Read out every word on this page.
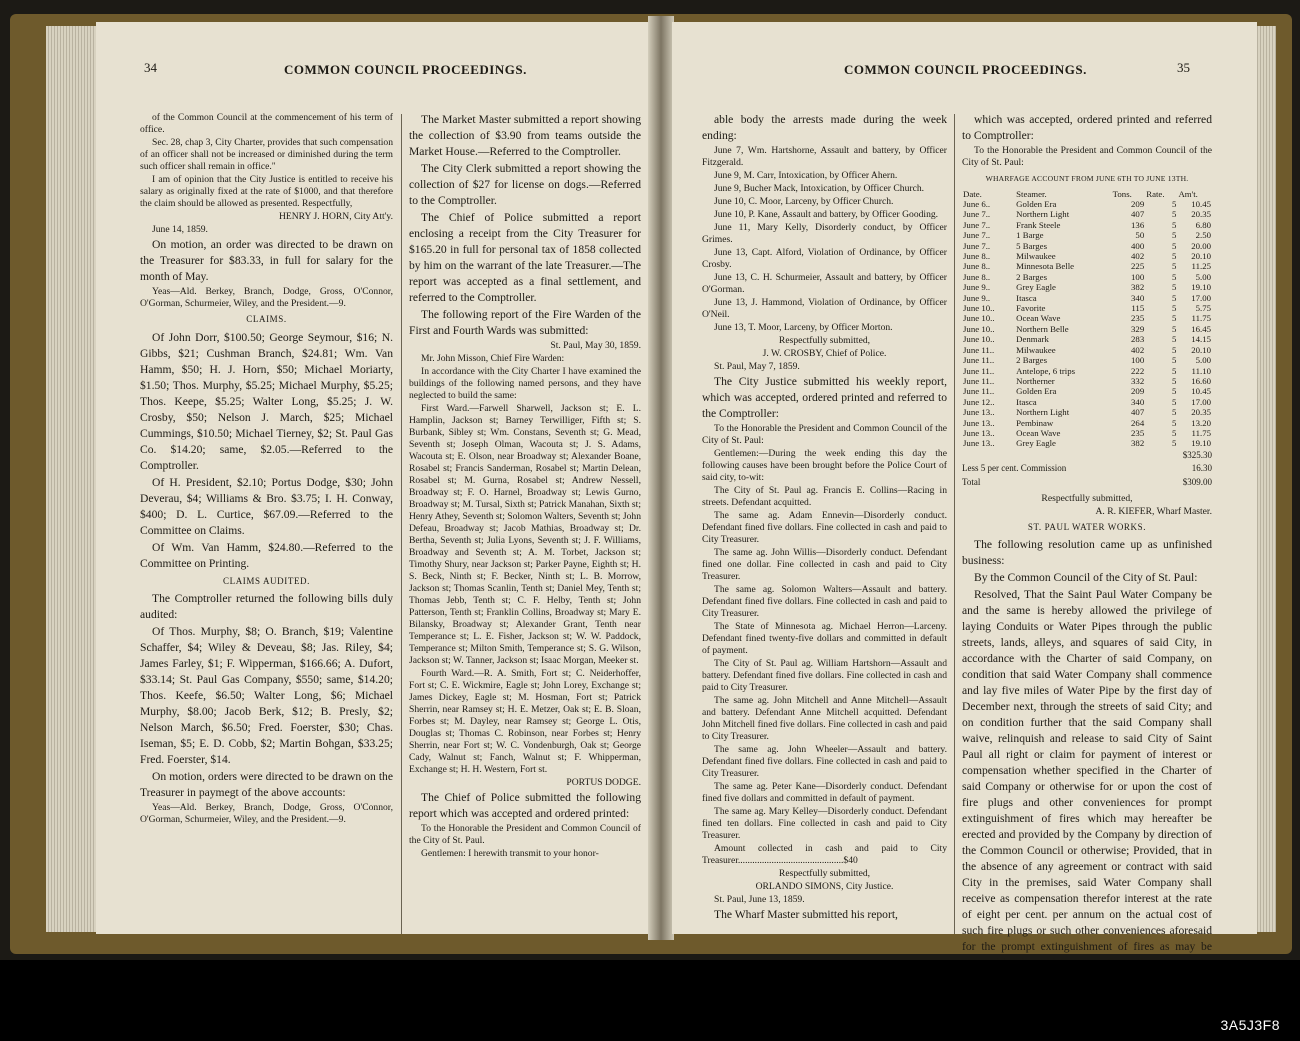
34	COMMON COUNCIL PROCEEDINGS.

of the Common Council at the commencement of his term of office.

Sec. 28, chap 3, City Charter, provides that such compensation of an officer shall not be increased or diminished during the term such officer shall remain in office."

I am of opinion that the City Justice is entitled to receive his salary as originally fixed at the rate of $1000, and that therefore the claim should be allowed as presented. Respectfully,

HENRY J. HORN, City Att'y.

June 14, 1859.

On motion, an order was directed to be drawn on the Treasurer for $83.33, in full for salary for the month of May.

Yeas—Ald. Berkey, Branch, Dodge, Gross, O'Connor, O'Gorman, Schurmeier, Wiley, and the President.—9.

CLAIMS.

Of John Dorr, $100.50; George Seymour, $16; N. Gibbs, $21; Cushman Branch, $24.81; Wm. Van Hamm, $50; H. J. Horn, $50; Michael Moriarty, $1.50; Thos. Murphy, $5.25; Michael Murphy, $5.25; Thos. Keepe, $5.25; Walter Long, $5.25; J. W. Crosby, $50; Nelson J. March, $25; Michael Cummings, $10.50; Michael Tierney, $2; St. Paul Gas Co. $14.20; same, $2.05.—Referred to the Comptroller.

Of H. President, $2.10; Portus Dodge, $30; John Deverau, $4; Williams & Bro. $3.75; I. H. Conway, $400; D. L. Curtice, $67.09.—Referred to the Committee on Claims.

Of Wm. Van Hamm, $24.80.—Referred to the Committee on Printing.

CLAIMS AUDITED.

The Comptroller returned the following bills duly audited:

Of Thos. Murphy, $8; O. Branch, $19; Valentine Schaffer, $4; Wiley & Deveau, $8; Jas. Riley, $4; James Farley, $1; F. Wipperman, $166.66; A. Dufort, $33.14; St. Paul Gas Company, $550; same, $14.20; Thos. Keefe, $6.50; Walter Long, $6; Michael Murphy, $8.00; Jacob Berk, $12; B. Presly, $2; Nelson March, $6.50; Fred. Foerster, $30; Chas. Iseman, $5; E. D. Cobb, $2; Martin Bohgan, $33.25; Fred. Foerster, $14.

On motion, orders were directed to be drawn on the Treasurer in paymegt of the above accounts:

Yeas—Ald. Berkey, Branch, Dodge, Gross, O'Connor, O'Gorman, Schurmeier, Wiley, and the President.—9.

The Market Master submitted a report showing the collection of $3.90 from teams outside the Market House.—Referred to the Comptroller.

The City Clerk submitted a report showing the collection of $27 for license on dogs.—Referred to the Comptroller.

The Chief of Police submitted a report enclosing a receipt from the City Treasurer for $165.20 in full for personal tax of 1858 collected by him on the warrant of the late Treasurer.—The report was accepted as a final settlement, and referred to the Comptroller.

The following report of the Fire Warden of the First and Fourth Wards was submitted:

St. Paul, May 30, 1859.

Mr. John Misson, Chief Fire Warden:

In accordance with the City Charter I have examined the buildings of the following named persons, and they have neglected to build the same:

First Ward.—Farwell Sharwell, Jackson st; E. L. Hamplin, Jackson st; Barney Terwilliger, Fifth st; S. Burbank, Sibley st; Wm. Constans, Seventh st; G. Mead, Seventh st; Joseph Olman, Wacouta st; J. S. Adams, Wacouta st; E. Olson, near Broadway st; Alexander Boane, Rosabel st; Francis Sanderman, Rosabel st; Martin Delean, Rosabel st; M. Gurna, Rosabel st; Andrew Nessell, Broadway st; F. O. Harnel, Broadway st; Lewis Gurno, Broadway st; M. Tursal, Sixth st; Patrick Manahan, Sixth st; Henry Athey, Seventh st; Solomon Walters, Seventh st; John Defeau, Broadway st; Jacob Mathias, Broadway st; Dr. Bertha, Seventh st; Julia Lyons, Seventh st; J. F. Williams, Broadway and Seventh st; A. M. Torbet, Jackson st; Timothy Shury, near Jackson st; Parker Payne, Eighth st; H. S. Beck, Ninth st; F. Becker, Ninth st; L. B. Morrow, Jackson st; Thomas Scanlin, Tenth st; Daniel Mey, Tenth st; Thomas Jebb, Tenth st; C. F. Helby, Tenth st; John Patterson, Tenth st; Franklin Collins, Broadway st; Mary E. Bilansky, Broadway st; Alexander Grant, Tenth near Temperance st; L. E. Fisher, Jackson st; W. W. Paddock, Temperance st; Milton Smith, Temperance st; S. G. Wilson, Jackson st; W. Tanner, Jackson st; Isaac Morgan, Meeker st.

Fourth Ward.—R. A. Smith, Fort st; C. Neiderhoffer, Fort st; C. E. Wickmire, Eagle st; John Lorey, Exchange st; James Dickey, Eagle st; M. Hosman, Fort st; Patrick Sherrin, near Ramsey st; H. E. Metzer, Oak st; E. B. Sloan, Forbes st; M. Dayley, near Ramsey st; George L. Otis, Douglas st; Thomas C. Robinson, near Forbes st; Henry Sherrin, near Fort st; W. C. Vondenburgh, Oak st; George Cady, Walnut st; Fanch, Walnut st; F. Whipperman, Exchange st; H. H. Western, Fort st.

PORTUS DODGE.

The Chief of Police submitted the following report which was accepted and ordered printed:

To the Honorable the President and Common Council of the City of St. Paul.

Gentlemen: I herewith transmit to your honor-

COMMON COUNCIL PROCEEDINGS.	35

able body the arrests made during the week ending:

June 7, Wm. Hartshorne, Assault and battery, by Officer Fitzgerald.

June 9, M. Carr, Intoxication, by Officer Ahern.

June 9, Bucher Mack, Intoxication, by Officer Church.

June 10, C. Moor, Larceny, by Officer Church.

June 10, P. Kane, Assault and battery, by Officer Gooding.

June 11, Mary Kelly, Disorderly conduct, by Officer Grimes.

June 13, Capt. Alford, Violation of Ordinance, by Officer Crosby.

June 13, C. H. Schurmeier, Assault and battery, by Officer O'Gorman.

June 13, J. Hammond, Violation of Ordinance, by Officer O'Neil.

June 13, T. Moor, Larceny, by Officer Morton.

Respectfully submitted,

J. W. CROSBY, Chief of Police.

St. Paul, May 7, 1859.

The City Justice submitted his weekly report, which was accepted, ordered printed and referred to the Comptroller:

To the Honorable the President and Common Council of the City of St. Paul:

Gentlemen:—During the week ending this day the following causes have been brought before the Police Court of said city, to-wit:

The City of St. Paul ag. Francis E. Collins—Racing in streets. Defendant acquitted.

The same ag. Adam Ennevin—Disorderly conduct. Defendant fined five dollars. Fine collected in cash and paid to City Treasurer.

The same ag. John Willis—Disorderly conduct. Defendant fined one dollar. Fine collected in cash and paid to City Treasurer.

The same ag. Solomon Walters—Assault and battery. Defendant fined five dollars. Fine collected in cash and paid to City Treasurer.

The State of Minnesota ag. Michael Herron—Larceny. Defendant fined twenty-five dollars and committed in default of payment.

The City of St. Paul ag. William Hartshorn—Assault and battery. Defendant fined five dollars. Fine collected in cash and paid to City Treasurer.

The same ag. John Mitchell and Anne Mitchell—Assault and battery. Defendant Anne Mitchell acquitted. Defendant John Mitchell fined five dollars. Fine collected in cash and paid to City Treasurer.

The same ag. John Wheeler—Assault and battery. Defendant fined five dollars. Fine collected in cash and paid to City Treasurer.

The same ag. Peter Kane—Disorderly conduct. Defendant fined five dollars and committed in default of payment.

The same ag. Mary Kelley—Disorderly conduct. Defendant fined ten dollars. Fine collected in cash and paid to City Treasurer.

Amount collected in cash and paid to City Treasurer............................................$40

Respectfully submitted,

ORLANDO SIMONS, City Justice.

St. Paul, June 13, 1859.

The Wharf Master submitted his report,

which was accepted, ordered printed and referred to Comptroller:

To the Honorable the President and Common Council of the City of St. Paul:

WHARFAGE ACCOUNT FROM JUNE 6TH TO JUNE 13TH.
Date.	Steamer.	Tons.	Rate.	Am't.
June 6..	Golden Era	209	5	10.45
June 7..	Northern Light	407	5	20.35
June 7..	Frank Steele	136	5	6.80
June 7..	1 Barge	50	5	2.50
June 7..	5 Barges	400	5	20.00
June 8..	Milwaukee	402	5	20.10
June 8..	Minnesota Belle	225	5	11.25
June 8..	2 Barges	100	5	5.00
June 9..	Grey Eagle	382	5	19.10
June 9..	Itasca	340	5	17.00
June 10..	Favorite	115	5	5.75
June 10..	Ocean Wave	235	5	11.75
June 10..	Northern Belle	329	5	16.45
June 10..	Denmark	283	5	14.15
June 11..	Milwaukee	402	5	20.10
June 11..	2 Barges	100	5	5.00
June 11..	Antelope, 6 trips	222	5	11.10
June 11..	Northerner	332	5	16.60
June 11..	Golden Era	209	5	10.45
June 12..	Itasca	340	5	17.00
June 13..	Northern Light	407	5	20.35
June 13..	Pembinaw	264	5	13.20
June 13..	Ocean Wave	235	5	11.75
June 13..	Grey Eagle	382	5	19.10
$325.30
Less 5 per cent. Commission	16.30
Total	$309.00

Respectfully submitted,

A. R. KIEFER, Wharf Master.

ST. PAUL WATER WORKS.

The following resolution came up as unfinished business:

By the Common Council of the City of St. Paul:

Resolved, That the Saint Paul Water Company be and the same is hereby allowed the privilege of laying Conduits or Water Pipes through the public streets, lands, alleys, and squares of said City, in accordance with the Charter of said Company, on condition that said Water Company shall commence and lay five miles of Water Pipe by the first day of December next, through the streets of said City; and on condition further that the said Company shall waive, relinquish and release to said City of Saint Paul all right or claim for payment of interest or compensation whether specified in the Charter of said Company or otherwise for or upon the cost of fire plugs and other conveniences for prompt extinguishment of fires which may hereafter be erected and provided by the Company by direction of the Common Council or otherwise; Provided, that in the absence of any agreement or contract with said City in the premises, said Water Company shall receive as compensation therefor interest at the rate of eight per cent. per annum on the actual cost of such fire plugs or such other conveniences aforesaid for the prompt extinguishment of fires as may be

3A5J3F8
